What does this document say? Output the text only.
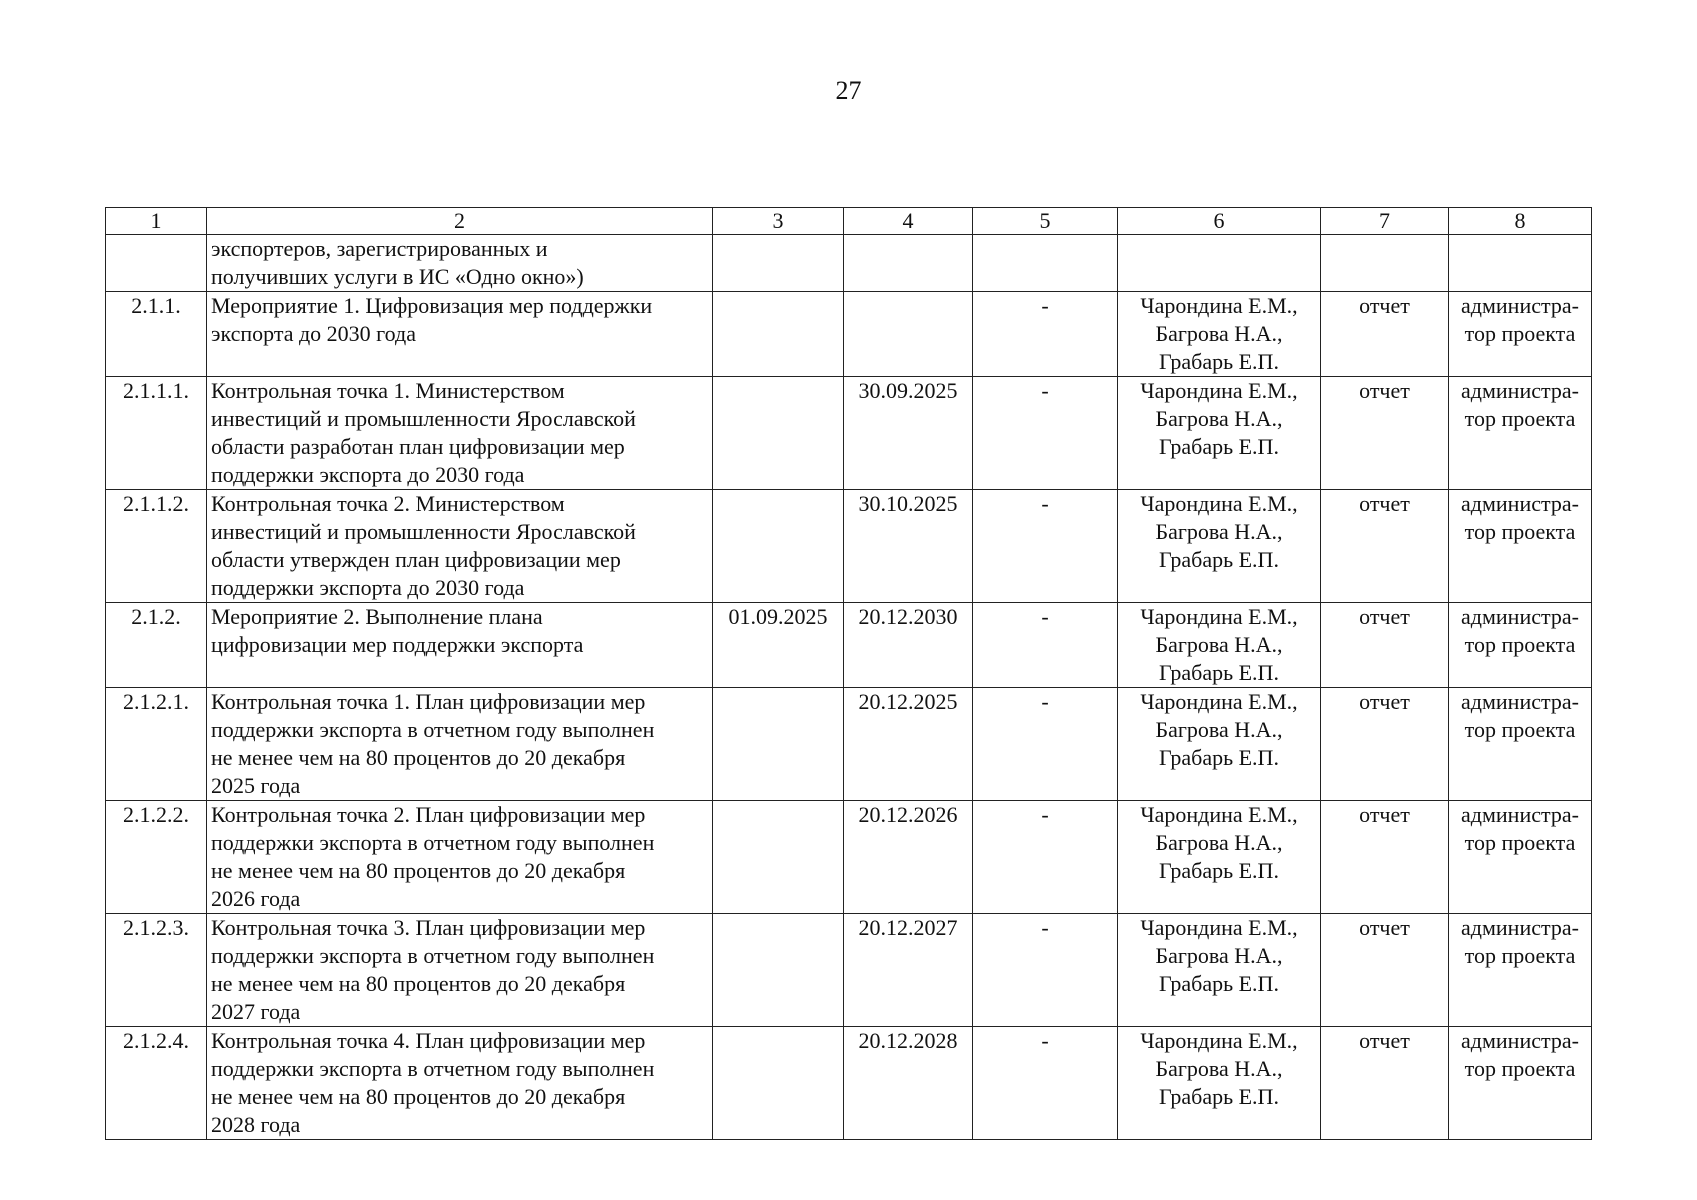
27
1	2	3	4	5	6	7	8

	экспортеров, зарегистрированных и
получивших услуги в ИС «Одно окно»)						

2.1.1.	Мероприятие 1. Цифровизация мер поддержки
экспорта до 2030 года			-	Чарондина Е.М.,
Багрова Н.А.,
Грабарь Е.П.	отчет	администра-
тор проекта

2.1.1.1.	Контрольная точка 1. Министерством
инвестиций и промышленности Ярославской
области разработан план цифровизации мер
поддержки экспорта до 2030 года		30.09.2025	-	Чарондина Е.М.,
Багрова Н.А.,
Грабарь Е.П.	отчет	администра-
тор проекта

2.1.1.2.	Контрольная точка 2. Министерством
инвестиций и промышленности Ярославской
области утвержден план цифровизации мер
поддержки экспорта до 2030 года		30.10.2025	-	Чарондина Е.М.,
Багрова Н.А.,
Грабарь Е.П.	отчет	администра-
тор проекта

2.1.2.	Мероприятие 2. Выполнение плана
цифровизации мер поддержки экспорта	01.09.2025	20.12.2030	-	Чарондина Е.М.,
Багрова Н.А.,
Грабарь Е.П.	отчет	администра-
тор проекта

2.1.2.1.	Контрольная точка 1. План цифровизации мер
поддержки экспорта в отчетном году выполнен
не менее чем на 80 процентов до 20 декабря
2025 года		20.12.2025	-	Чарондина Е.М.,
Багрова Н.А.,
Грабарь Е.П.	отчет	администра-
тор проекта

2.1.2.2.	Контрольная точка 2. План цифровизации мер
поддержки экспорта в отчетном году выполнен
не менее чем на 80 процентов до 20 декабря
2026 года		20.12.2026	-	Чарондина Е.М.,
Багрова Н.А.,
Грабарь Е.П.	отчет	администра-
тор проекта

2.1.2.3.	Контрольная точка 3. План цифровизации мер
поддержки экспорта в отчетном году выполнен
не менее чем на 80 процентов до 20 декабря
2027 года		20.12.2027	-	Чарондина Е.М.,
Багрова Н.А.,
Грабарь Е.П.	отчет	администра-
тор проекта

2.1.2.4.	Контрольная точка 4. План цифровизации мер
поддержки экспорта в отчетном году выполнен
не менее чем на 80 процентов до 20 декабря
2028 года		20.12.2028	-	Чарондина Е.М.,
Багрова Н.А.,
Грабарь Е.П.	отчет	администра-
тор проекта
